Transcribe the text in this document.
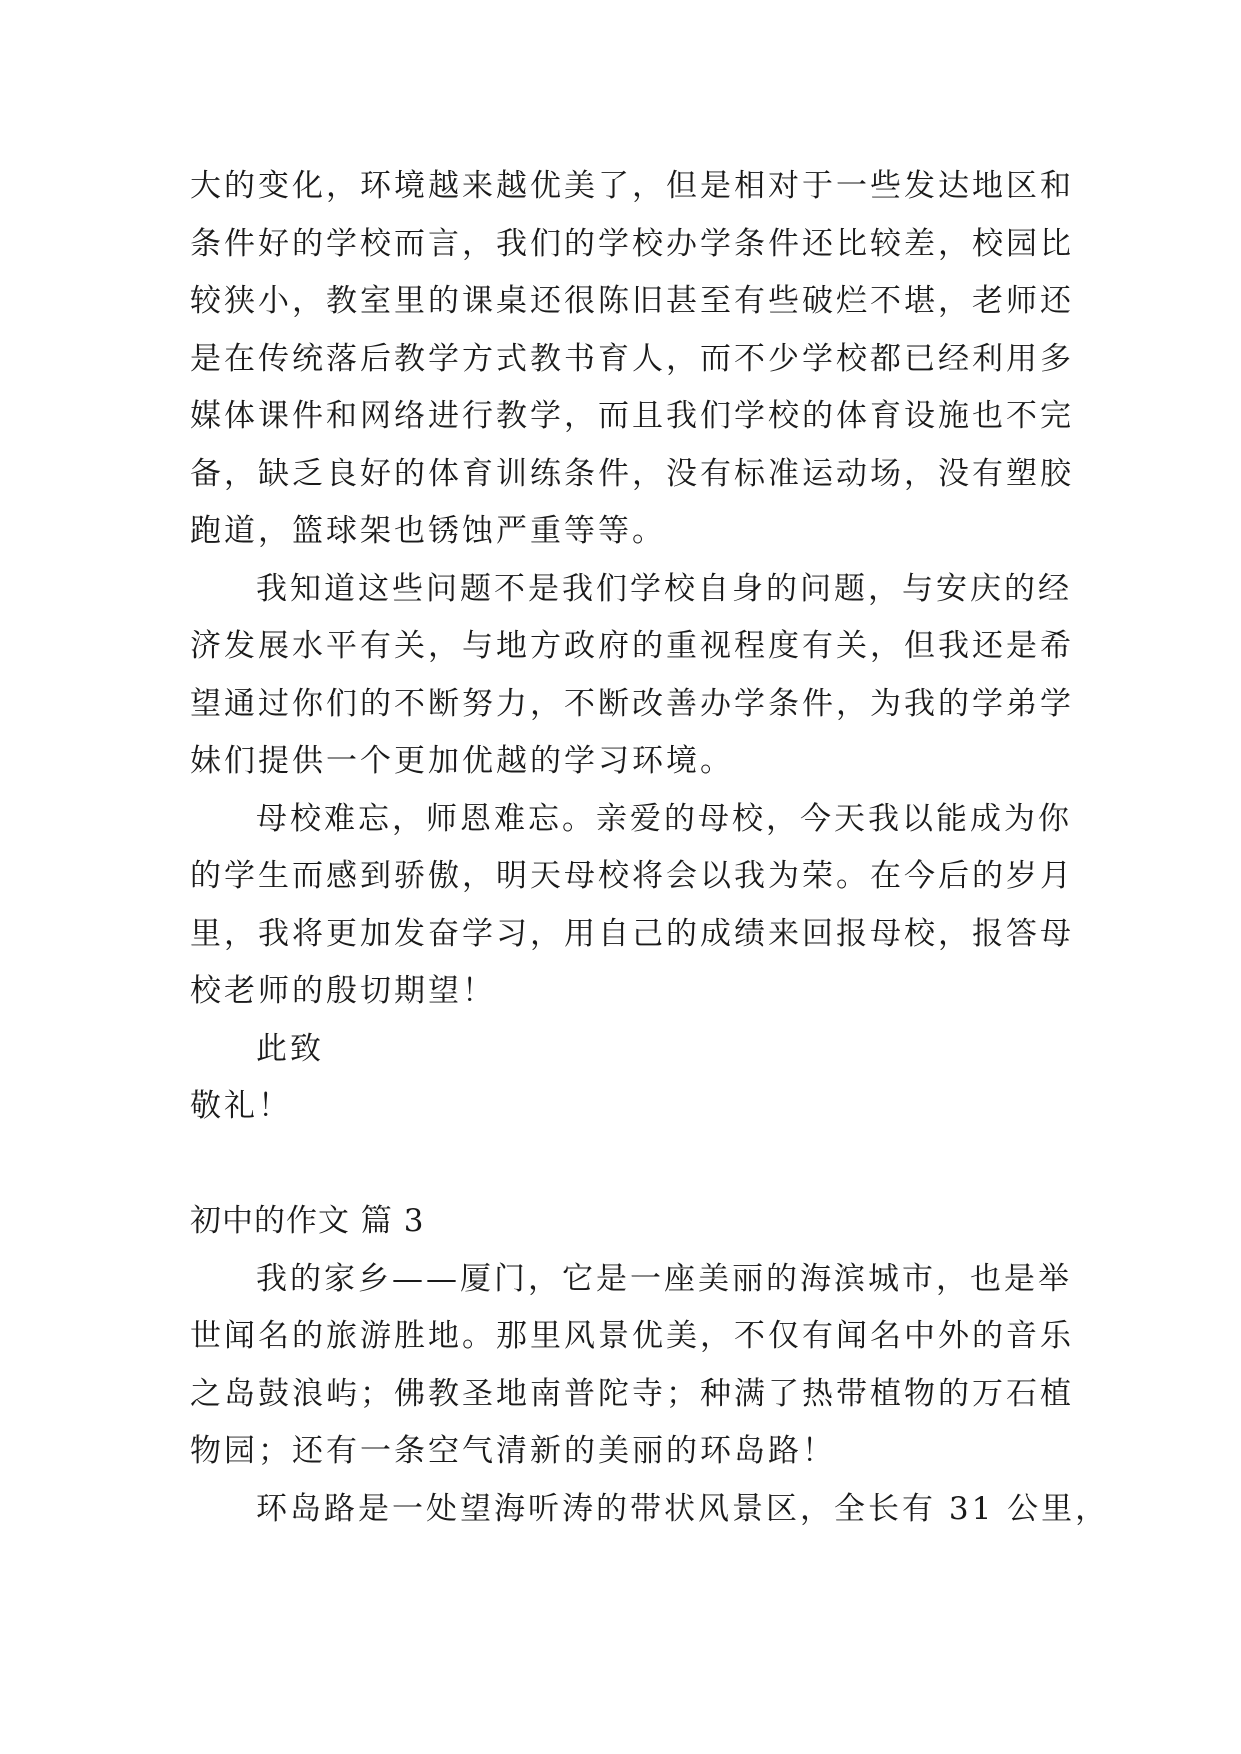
大的变化，环境越来越优美了，但是相对于一些发达地区和
条件好的学校而言，我们的学校办学条件还比较差，校园比
较狭小，教室里的课桌还很陈旧甚至有些破烂不堪，老师还
是在传统落后教学方式教书育人，而不少学校都已经利用多
媒体课件和网络进行教学，而且我们学校的体育设施也不完
备，缺乏良好的体育训练条件，没有标准运动场，没有塑胶
跑道，篮球架也锈蚀严重等等。
我知道这些问题不是我们学校自身的问题，与安庆的经
济发展水平有关，与地方政府的重视程度有关，但我还是希
望通过你们的不断努力，不断改善办学条件，为我的学弟学
妹们提供一个更加优越的学习环境。
母校难忘，师恩难忘。亲爱的母校，今天我以能成为你
的学生而感到骄傲，明天母校将会以我为荣。在今后的岁月
里，我将更加发奋学习，用自己的成绩来回报母校，报答母
校老师的殷切期望！
此致
敬礼！
初中的作文 篇 3
我的家乡——厦门，它是一座美丽的海滨城市，也是举
世闻名的旅游胜地。那里风景优美，不仅有闻名中外的音乐
之岛鼓浪屿；佛教圣地南普陀寺；种满了热带植物的万石植
物园；还有一条空气清新的美丽的环岛路！
环岛路是一处望海听涛的带状风景区，全长有 31 公里，
